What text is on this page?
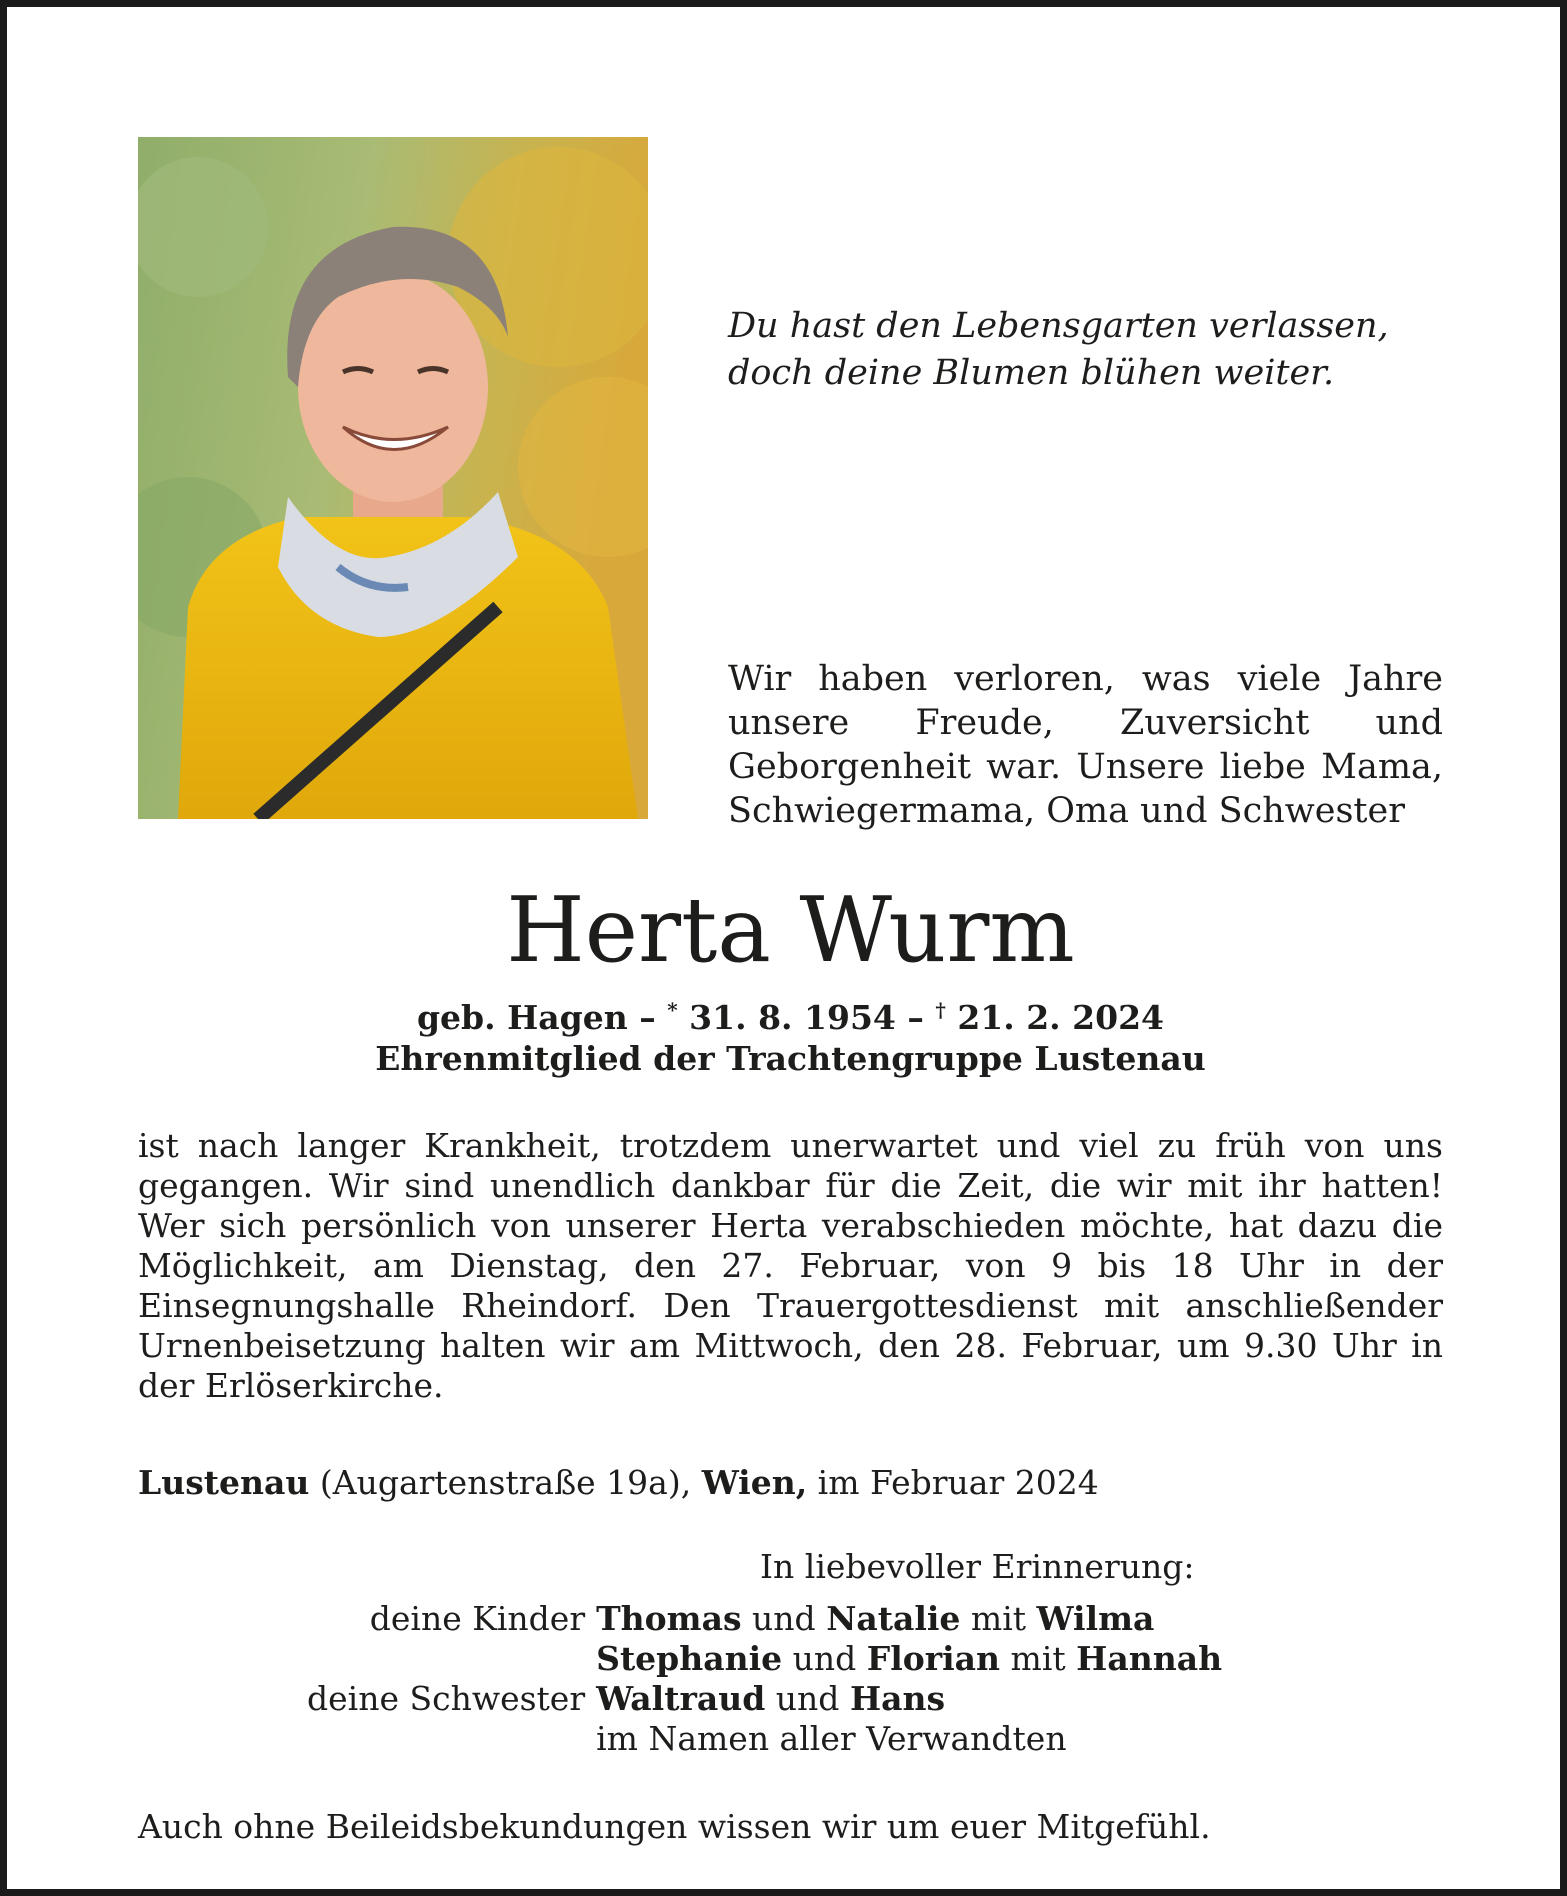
Du hast den Lebensgarten verlassen,
doch deine Blumen blühen weiter.
Wir haben verloren, was viele Jahre unsere Freude, Zuversicht und Geborgenheit war. Unsere liebe Mama, Schwiegermama, Oma und Schwester
Herta Wurm
geb. Hagen – * 31. 8. 1954 – † 21. 2. 2024
Ehrenmitglied der Trachtengruppe Lustenau
ist nach langer Krankheit, trotzdem unerwartet und viel zu früh von uns gegangen. Wir sind unendlich dankbar für die Zeit, die wir mit ihr hatten! Wer sich persönlich von unserer Herta verabschieden möchte, hat dazu die Möglichkeit, am Dienstag, den 27. Februar, von 9 bis 18 Uhr in der Einsegnungshalle Rheindorf. Den Trauergottesdienst mit anschließender Urnenbeisetzung halten wir am Mittwoch, den 28. Februar, um 9.30 Uhr in der Erlöserkirche.
Lustenau (Augartenstraße 19a), Wien, im Februar 2024
In liebevoller Erinnerung:
deine Kinder	Thomas und Natalie mit Wilma
	Stephanie und Florian mit Hannah
deine Schwester	Waltraud und Hans
	im Namen aller Verwandten
Auch ohne Beileidsbekundungen wissen wir um euer Mitgefühl.
